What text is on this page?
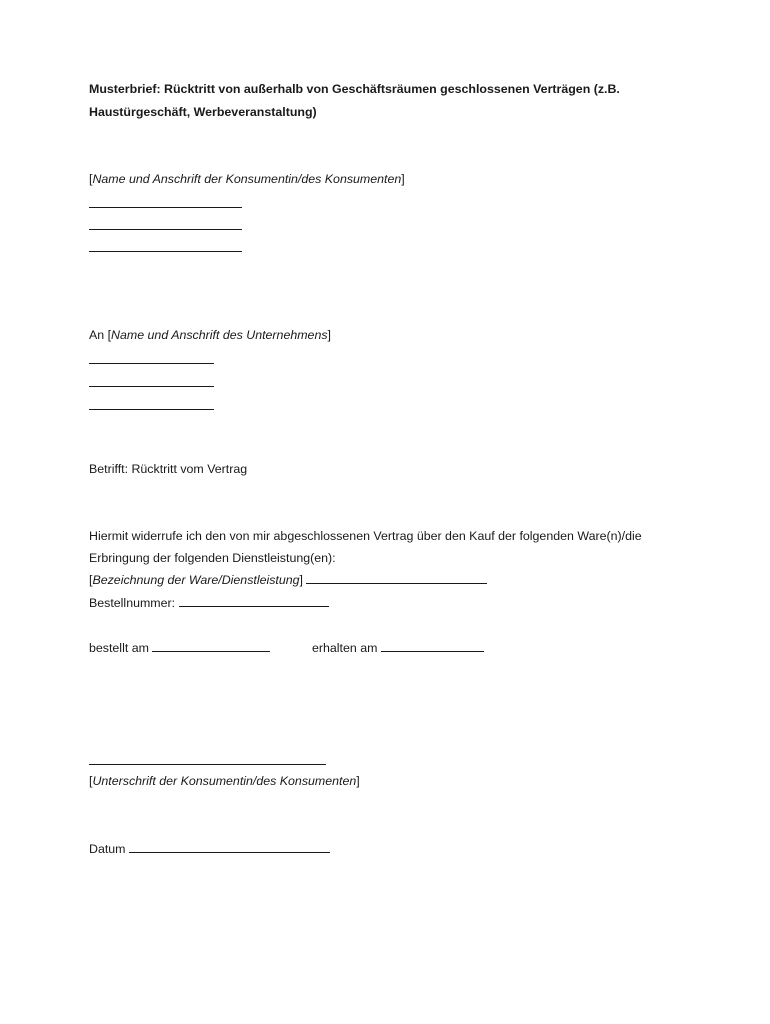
Musterbrief: Rücktritt von außerhalb von Geschäftsräumen geschlossenen Verträgen (z.B.
Haustürgeschäft, Werbeveranstaltung)
[Name und Anschrift der Konsumentin/des Konsumenten]
An [Name und Anschrift des Unternehmens]
Betrifft: Rücktritt vom Vertrag
Hiermit widerrufe ich den von mir abgeschlossenen Vertrag über den Kauf der folgenden Ware(n)/die
Erbringung der folgenden Dienstleistung(en):
[Bezeichnung der Ware/Dienstleistung]
Bestellnummer:
bestellt am	erhalten am
[Unterschrift der Konsumentin/des Konsumenten]
Datum
